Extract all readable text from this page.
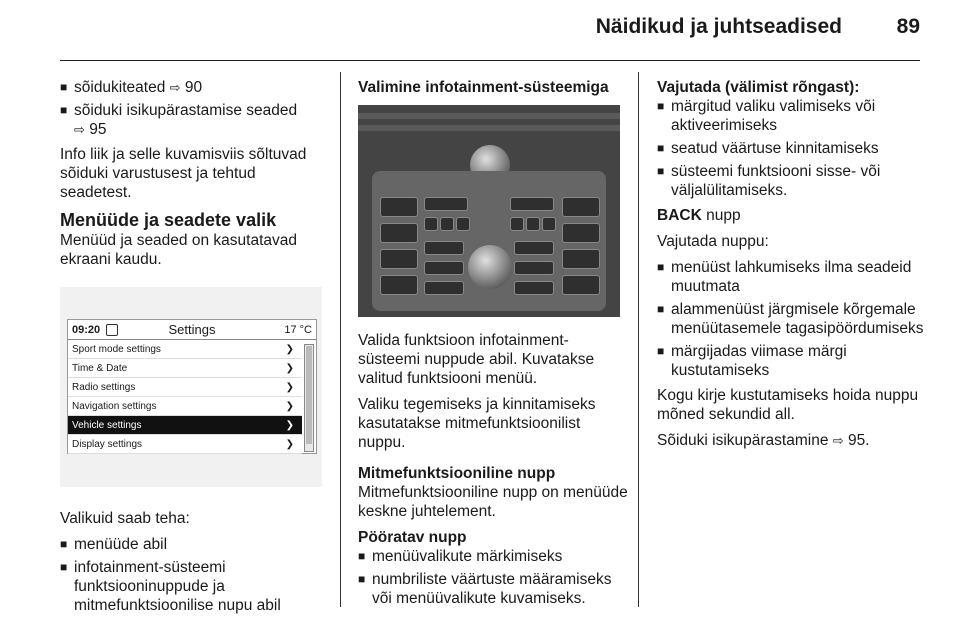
Näidikud ja juhtseadised	89
■ sõidukiteated ⇨ 90
■ sõiduki isikupärastamise seaded
⇨ 95

Info liik ja selle kuvamisviis sõltuvad sõiduki varustusest ja tehtud seadetest.

Menüüde ja seadete valik

Menüüd ja seaded on kasutatavad ekraani kaudu.

09:20	Settings	17 °C
Sport mode settings	❯
Time & Date	❯
Radio settings	❯
Navigation settings	❯
Vehicle settings	❯
Display settings	❯

Valikuid saab teha:

■ menüüde abil
■ infotainment-süsteemi funktsiooninuppude ja mitmefunktsioonilise nupu abil
Valimine infotainment-süsteemiga

Valida funktsioon infotainment-süsteemi nuppude abil. Kuvatakse valitud funktsiooni menüü.

Valiku tegemiseks ja kinnitamiseks kasutatakse mitmefunktsioonilist nuppu.

Mitmefunktsiooniline nupp

Mitmefunktsiooniline nupp on menüüde keskne juhtelement.

Pööratav nupp
■ menüüvalikute märkimiseks
■ numbriliste väärtuste määramiseks või menüüvalikute kuvamiseks.
Vajutada (välimist rõngast):
■ märgitud valiku valimiseks või aktiveerimiseks
■ seatud väärtuse kinnitamiseks
■ süsteemi funktsiooni sisse- või väljalülitamiseks.

BACK nupp

Vajutada nuppu:

■ menüüst lahkumiseks ilma seadeid muutmata
■ alammenüüst järgmisele kõrgemale menüütasemele tagasipöördumiseks
■ märgijadas viimase märgi kustutamiseks

Kogu kirje kustutamiseks hoida nuppu mõned sekundid all.

Sõiduki isikupärastamine ⇨ 95.
